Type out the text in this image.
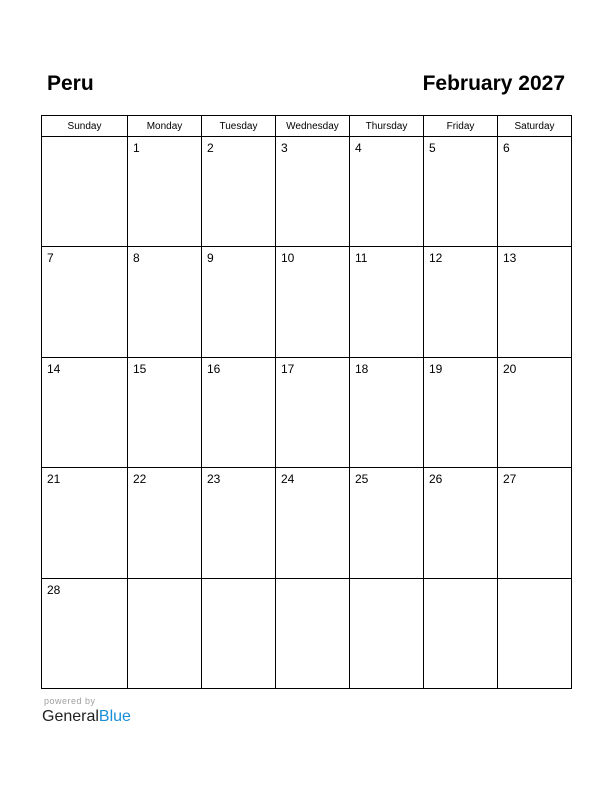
Peru	February 2027
Sunday	Monday	Tuesday	Wednesday	Thursday	Friday	Saturday

	1	2	3	4	5	6

7	8	9	10	11	12	13

14	15	16	17	18	19	20

21	22	23	24	25	26	27

28						

powered by
GeneralBlue
